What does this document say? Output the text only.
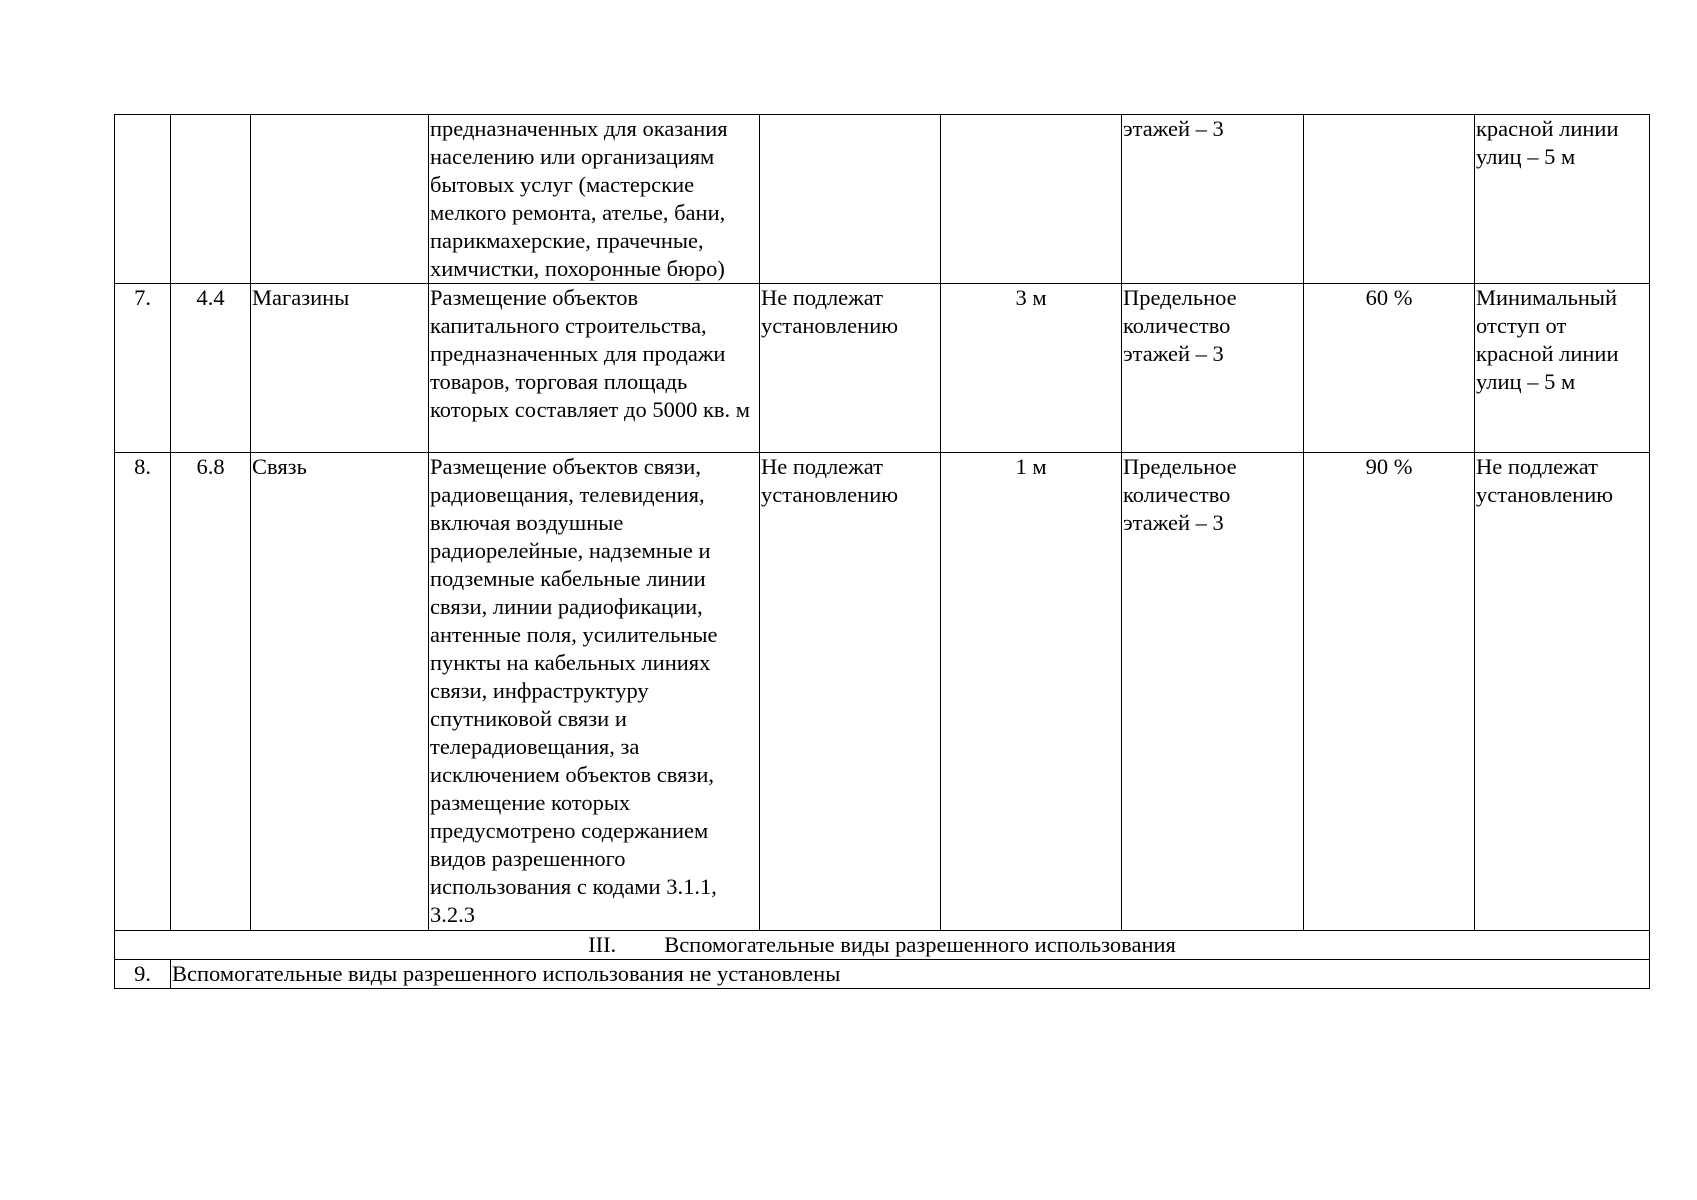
			предназначенных для оказания населению или организациям бытовых услуг (мастерские мелкого ремонта, ателье, бани, парикмахерские, прачечные, химчистки, похоронные бюро)			этажей – 3		красной линии улиц – 5 м
7.	4.4	Магазины	Размещение объектов капитального строительства, предназначенных для продажи товаров, торговая площадь которых составляет до 5000 кв. м	Не подлежат установлению	3 м	Предельное количество этажей – 3	60 %	Минимальный отступ от красной линии улиц – 5 м
8.	6.8	Связь	Размещение объектов связи, радиовещания, телевидения, включая воздушные радиорелейные, надземные и подземные кабельные линии связи, линии радиофикации, антенные поля, усилительные пункты на кабельных линиях связи, инфраструктуру спутниковой связи и телерадиовещания, за исключением объектов связи, размещение которых предусмотрено содержанием видов разрешенного использования с кодами 3.1.1, 3.2.3	Не подлежат установлению	1 м	Предельное количество этажей – 3	90 %	Не подлежат установлению
III. Вспомогательные виды разрешенного использования								
9.	Вспомогательные виды разрешенного использования не установлены							
